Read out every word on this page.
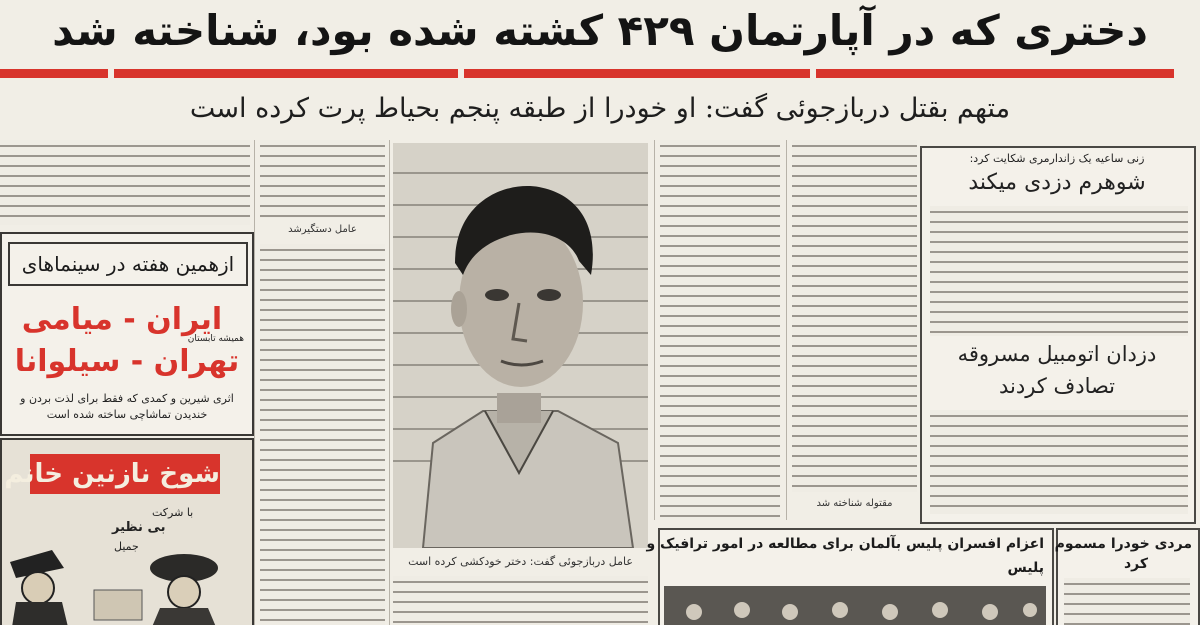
دختری که در آپارتمان ۴۲۹ کشته شده بود، شناخته شد
متهم بقتل دربازجوئی گفت: او خودرا از طبقه پنجم بحیاط پرت کرده است
ازهمین هفته در سینماهای
ایران - میامی
همیشه تابستان
تهران - سیلوانا
اثری شیرین و کمدی که فقط برای لذت بردن و
خندیدن تماشاچی ساخته شده است
شوخ نازنین خانم
با شرکت
بی نظیر
جمیل
عامل دستگیرشد
عامل دربازجوئی گفت: دختر خودکشی کرده است
مقتوله شناخته شد
زنی ساعیه یک زاندارمری شکایت کرد:
شوهرم دزدی میکند
دزدان اتومبیل مسروقه
تصادف کردند
اعزام افسران پلیس بآلمان برای مطالعه در امور ترافیک و
پلیس
مردی خودرا مسموم
کرد
